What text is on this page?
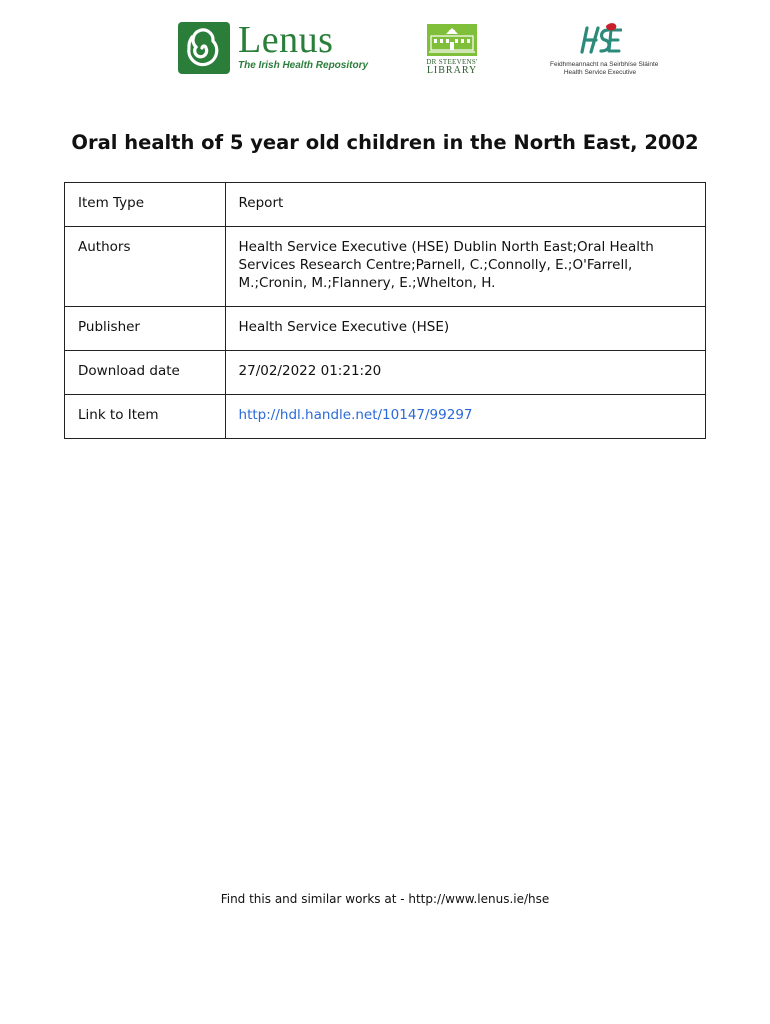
Lenus
The Irish Health Repository	DR STEEVENS'
LIBRARY
Feidhmeannacht na Seirbhíse Sláinte
Health Service Executive
Oral health of 5 year old children in the North East, 2002
Item Type	Report
Authors	Health Service Executive (HSE) Dublin North East;Oral Health Services Research Centre;Parnell, C.;Connolly, E.;O'Farrell, M.;Cronin, M.;Flannery, E.;Whelton, H.
Publisher	Health Service Executive (HSE)
Download date	27/02/2022 01:21:20
Link to Item	http://hdl.handle.net/10147/99297
Find this and similar works at - http://www.lenus.ie/hse
